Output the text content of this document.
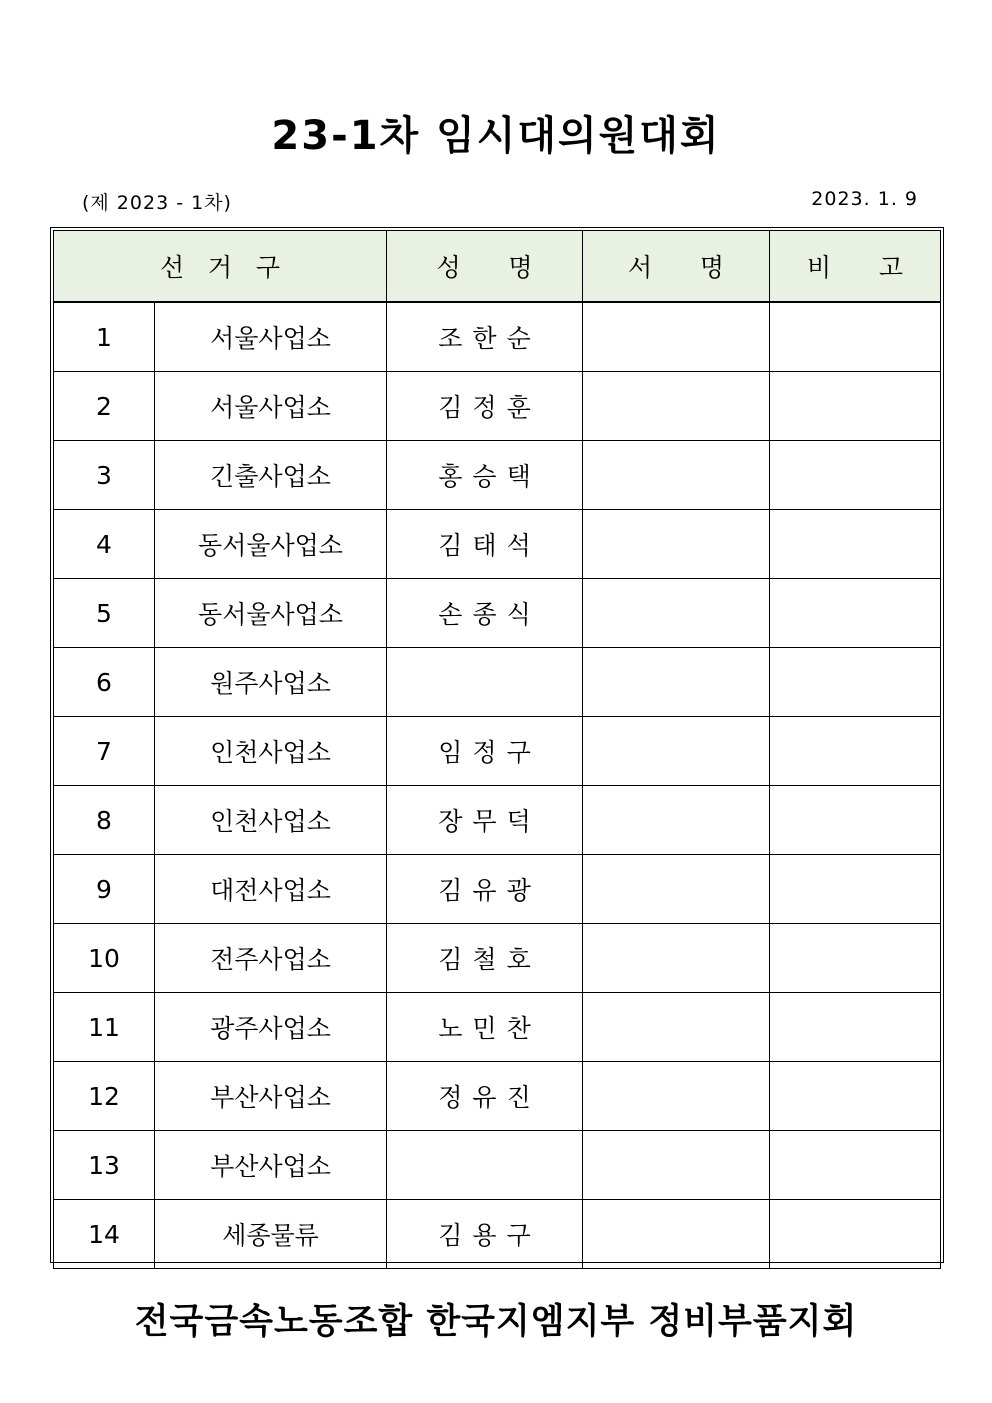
23-1차 임시대의원대회
(제 2023 - 1차)	2023. 1. 9
선   거   구		성      명	서      명	비      고
1	서울사업소	조한순		
2	서울사업소	김정훈		
3	긴출사업소	홍승택		
4	동서울사업소	김태석		
5	동서울사업소	손종식		
6	원주사업소			
7	인천사업소	임정구		
8	인천사업소	장무덕		
9	대전사업소	김유광		
10	전주사업소	김철호		
11	광주사업소	노민찬		
12	부산사업소	정유진		
13	부산사업소			
14	세종물류	김용구		
전국금속노동조합 한국지엠지부 정비부품지회
